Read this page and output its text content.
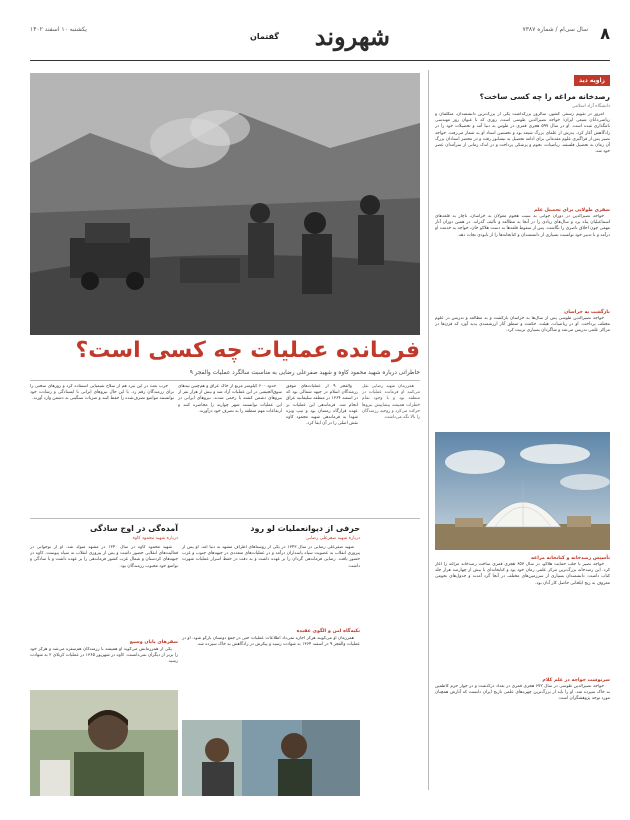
۸
سال سی‌ام / شماره ۷۳۸۷
شهروند
گفتمان
یکشنبه ۱۰ اسفند ۱۴۰۲
زاویه دید
رصدخانه مراغه را چه کسی ساخت؟
دانشگاه آزاد اسلامی

امروز در تقویم رسمی کشور، سالروز بزرگداشت یکی از بزرگ‌ترین دانشمندان، متکلمان و ریاضی‌دانان شیعی ایران؛ خواجه نصیرالدین طوسی است، روزی که با عنوان روز مهندسی نامگذاری شده است. او در سال ۵۹۷ هجری قمری در طوس به دنیا آمد و تحصیلات خود را در زادگاهش آغاز کرد. پدرش از علمای بزرگ شیعه بود و نخستین استاد او به شمار می‌رفت. خواجه نصیر پس از فراگیری علوم مقدماتی برای ادامه تحصیل به نیشابور رفت و در محضر استادان بزرگ آن زمان به تحصیل فلسفه، ریاضیات، نجوم و پزشکی پرداخت و در اندک زمانی از سرآمدان عصر خود شد.

سفری طولانی برای تحصیل علم

خواجه نصیرالدین در دوران جوانی به سبب هجوم مغولان به خراسان، ناچار به قلعه‌های اسماعیلیان پناه برد و سال‌های زیادی را در آنجا به مطالعه و تألیف گذراند. در همین دوران آثار مهمی چون اخلاق ناصری را نگاشت. پس از سقوط قلعه‌ها به دست هلاکو خان، خواجه به خدمت او درآمد و با تدبیر خود توانست بسیاری از دانشمندان و کتابخانه‌ها را از نابودی نجات دهد.

بازگشت به خراسان

خواجه نصیرالدین طوسی پس از سال‌ها به خراسان بازگشت و به مطالعه و تدریس در علوم مختلف پرداخت. او در ریاضیات، هیئت، حکمت و منطق آثار ارزشمندی پدید آورد که قرن‌ها در مراکز علمی تدریس می‌شد و شاگردان بسیاری تربیت کرد.

تأسیس رصدخانه و کتابخانه مراغه

خواجه نصیر با جلب حمایت هلاکو، در سال ۶۵۷ هجری قمری ساخت رصدخانه مراغه را آغاز کرد. این رصدخانه بزرگ‌ترین مرکز علمی زمان خود بود و کتابخانه‌ای با بیش از چهارصد هزار جلد کتاب داشت. دانشمندان بسیاری از سرزمین‌های مختلف در آنجا گرد آمدند و جدول‌های نجومی معروف به زیج ایلخانی حاصل کار آنان بود.

سرنوشت خواجه در علم کلام

خواجه نصیرالدین طوسی در سال ۶۷۲ هجری قمری در بغداد درگذشت و در جوار حرم کاظمین به خاک سپرده شد. او را باید از بزرگ‌ترین چهره‌های علمی تاریخ ایران دانست که آثارش همچنان مورد توجه پژوهشگران است.

فرمانده عملیات چه کسی است؟
خاطراتی درباره شهید محمود کاوه و شهید صفرعلی رضایی به مناسبت سالگرد عملیات والفجر ۹

همرزمان شهید رضایی نقل می‌کنند او فرمانده عملیات در منطقه بود و با وجود تمام خطرات همیشه پیشاپیش نیروها حرکت می‌کرد و روحیه رزمندگان را بالا نگه می‌داشت.

والفجر ۹ از عملیات‌های موفق رزمندگان اسلام در جبهه شمالی بود که در اسفند ۱۳۶۴ در منطقه سلیمانیه عراق انجام شد. فرماندهی این عملیات بر عهده قرارگاه رمضان بود و تیپ ویژه شهدا به فرماندهی شهید محمود کاوه نقش اصلی را در آن ایفا کرد.

حدود ۶۰۰ کیلومتر مربع از خاک عراق و هم‌چنین تپه‌های سوق‌الجیشی در این عملیات آزاد شد و بیش از هزار نفر از نیروهای دشمن کشته یا زخمی شدند. نیروهای ایرانی در این عملیات توانستند شهر چوارته را محاصره کنند و ارتفاعات مهم منطقه را به تصرف خود درآورند.

حرب بعث در این نبرد هم از سلاح شیمیایی استفاده کرد و روزهای سختی را برای رزمندگان رقم زد. با این حال نیروهای ایرانی با ایستادگی و رشادت خود توانستند مواضع تصرف‌شده را حفظ کنند و ضربات سنگینی به دشمن وارد آورند.

حرفی از دیوانعملیات لو رود
درباره شهید صفرعلی رضایی

شهید صفرعلی رضایی در سال ۱۳۴۳ در یکی از روستاهای اطراف مشهد به دنیا آمد. او پس از پیروزی انقلاب به عضویت سپاه پاسداران درآمد و در عملیات‌های متعددی در جبهه‌های جنوب و غرب حضور یافت. رضایی فرماندهی گردان را بر عهده داشت و به دقت در حفظ اسرار عملیات شهرت داشت.

تکیه‌گاه امن و الگوی عقیده

همرزمان او می‌گویند هرگز اجازه نمی‌داد اطلاعات عملیات حتی در جمع دوستان بازگو شود. او در عملیات والفجر ۹ در اسفند ۱۳۶۴ به شهادت رسید و پیکرش در زادگاهش به خاک سپرده شد.

آمده‌گی در اوج سادگی
درباره شهید محمود کاوه

شهید محمود کاوه در سال ۱۳۴۰ در مشهد متولد شد. او از نوجوانی در فعالیت‌های انقلابی حضور داشت و پس از پیروزی انقلاب به سپاه پیوست. کاوه در جبهه‌های کردستان و شمال غرب کشور فرماندهی را بر عهده داشت و با سادگی و تواضع خود محبوب رزمندگان بود.

سفرهای پایان وسیع

یکی از همرزمانش می‌گوید او همیشه با رزمندگان هم‌سفره می‌شد و هرگز خود را برتر از دیگران نمی‌دانست. کاوه در شهریور ۱۳۶۵ در عملیات کربلای ۲ به شهادت رسید.
